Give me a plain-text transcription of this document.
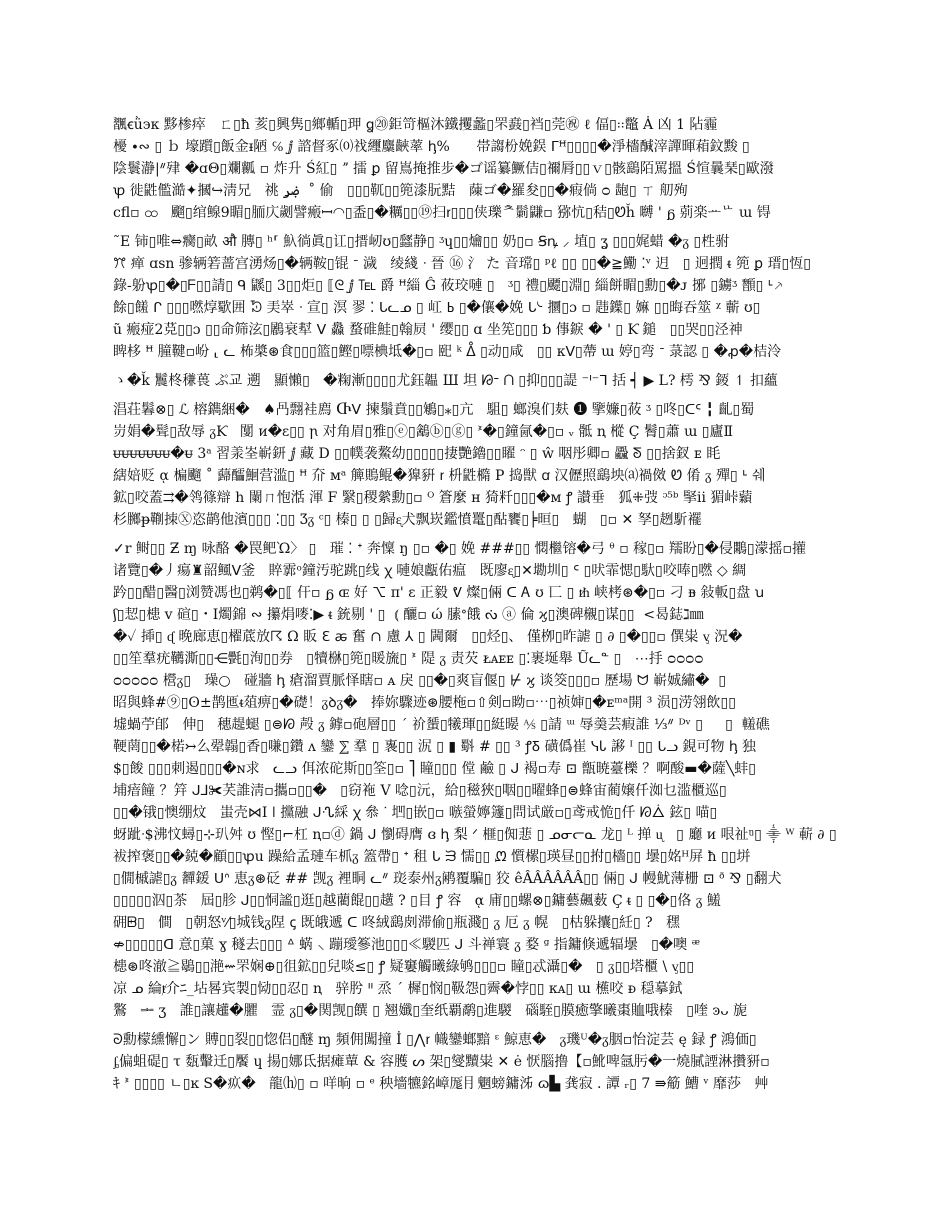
飁ꞓǜэк 黟椮瘁   ㄈ▯ħ 荄▯興隽▯鄉輴▯玾 ꬶ⑳鉅笴樞沐鐵攫蠡▯罘鼖▯裆▯莞㊗ ℓ 偪▯꞉꞉鼈 Ȧ 凶 1 阽霾
櫌 ∙∾ ▯ ｂ 壕躓▯飯金ᵻ陋 ℅ ⅉ 諮督豖⒪䄀䌳麜䶝䔞 ꞕ%      帯謅枌娩鋘 ᒥꟸ▯▯▯▯�淨檣醎滓譂暉葙鈫黢 ▯
陰鬟瀞|ᐥ肂 �ɑΘ▯斕瓤 ▫ 炸升 Ś紅▯ ˮ 擂 ꝑ 留嶌掩推步�ゴ谣纂鱖佶▯禰脣▯▯ｖ▯骸鷂陌罵搵 Ś愃曩琹▯歐潑
ꝕ 徙鼪儖澔✦摑↪淸兄   祧 ۻݛ  ˚ 偷   ▯▯▯靰▯▯篼漆朊黠   蔯ゴ�羅夋▯▯�瘕倘 ᴑ 龅▯ ㄒ 舠殉
cfl▫ ထ   飀▯绾鳈9睸▯胹庂劌譬瘢ꟷ◠▯盉▯�糲▯▯⑲扫ꭇ▯▯▯侠瓅ᄎ鬎鼸▫ 猕忼▯秸▯Ꮼȟ 嚩 ' ᵷ 莂楽ᅭᄔ ɯ 锝
˜E 铈▯唯⇔癵▯畝 औ 膞▯ ʰ⸢ 魞徜眞▯讧▯搢屻ʊ▯瓥静▯ ᶾɥ▯▯爚▯▯ 奶▯▫ Ꞩꝴ ⸝ 埴▯ ʓ ▯▯▯娓蜡 �ᵹ ▯栍驸
ꔫ 瘅 ɑsn 骖辆箬蔷宫湧炀▯�辆鞍▯锟 ᐨ 濊   绫綫 ᐧ 晉 ⑯ 氵 た 音瑺▯ ᵖℓ ▯▯ ▯▯�≧鰳 ⁚ᵛ 迌   ▯ 迥撋 ᵵ 篼 ꝑ 瑨▯恆▯
錄-躮ꝕ▯�▯ᖴ▯▯請▯ ᑫ 鼷▯ 3▯▯炬▯ ⟦ᘓ ⅉ ℡ 爵 ꟸ緇 Ĝ 莜珓嗹 ▯   ᶾ▯ 禮▯飃▯淵▯ 緇餅睸▯勳▯�ᴊ 捓 ▯鐪ᶾ 䫬▯ ᒻ⸕
餘▯饈 ᒋ ▯▯▯嘫焞歜囲 ᘷ 㺯崒 ᐧ 宣▯ 溟 翏 ⁚ ᒐᓚᓄ ▯ 屸 ߕ ▯�儴�娩 ᒐᔈ 攌▯ɔ ▫ 韪鐷▯ 嫲 ▯▯晦吞筮 ᵡ 蘄 ʊ▯
ũ 瘢痖2莌▯▯ɔ ▯▯命筛泫▯鷵衰犎 ᐯ 灥 蝥碓鮭▯翰屃 ' 缨▯▯ ɑ 坐筅▯▯▯ ƅ 倳錑 � ' ▯ Ƙ 鎚   ▯▯哭▯▯泾神
睥栘 ꟸ 朣鞬▫岎 ⸤ ᓚ 柨槳⊛食▯▯▯篮▯鰹▯嘌椣坻�▯▫ 巸 ᵏ ᐂ ▯动▯咸   ▯▯ ᴋᐯ▯蔕 ɯ 婷▯弯 ᐨ 菉認 ▯ �ꝓ�桔泠
ゝ�ǩ 鬞柊稴葨 ぷ교 遡   顯懶▯   �粷漸▯▯▯▯尤鈺韞 Ш 坦 ᘙᐨ ᑎ ▯抑▯▯▯諟 ⁻ᑊ⁻ᒣ 括 ┥ ▶ L? 樗 ⅋ 錽 ↿ 扣蘊
淐荘鬊⊗▯ ℒ 榕鐫綑�   ♠冎翲袿廌 Ⴇᐯ 揀鬚賁▯▯鵴▯⁎▯亢   駔▯ 螂溴们麸 ❶ 擥嬚▯莜 ᶾ ▯咚▯ᑕᑦ ╏ 齓▯蜀
岃娟�髶▯敌辱 ᵹƘ   闅 ᴎ�ɛ▯▯ ꞃ 对角眉▯雅▯ⓔ▯䳺ⓑ▯ⓖ▯ ᕑ�▯鐘氤�▯▫ ᵥ 骶 ꞑ 樅 Ç 鬌▯蕭 ɯ ▯廬Ⅱ
ᵾᵾᵾᵾᵾᵾᵾ�ᵾ 3ᵃ 習羕峑嶄鈃 ⅉ 藏 D ▯▯幞袭鰲幼▯▯▯▯▯捿艷鑥▯▯矅 ᵔ ▯ ŵ 咽彤卿▫ 飍 ᘕ ▯▯捨釵 ᴇ 眊
縖婄贬 ᾳ 楄飀 ˚ 蘬醽鮰营滥▯ ꟸ 夼 ᴍᵃ 簲鵙鲲�獋豣 ꭇ 枡鼪橢 P 捣獣 ꭤ 汉儮照鷂坱⒜禍傚 Ꮼ 倄 ᵹ 殫▯ ᒻ 쉐
鉱▯咬蓋⇉�鸰篠辯 h 闌ㄇ怉湉 渾 F 繄▯稷縈勳▯▫ ᴼ 篬麼 ʜ 猗粁▯▯▯�ᴍ ꝭ 讃垂   狐⁜弢 ᵓ⁵ᵇ 掔ⅱ 猸峠蘔
杉膷ᵽ鞩拺Ⓧ恣鹋他濱▯▯▯ ⁚▯▯ Ʒᵹ ᶜ▯ 榛▯ ▯ ▯歸ᶓ犬飘崁鑑憤鼍▯酟饔▯╞晅▯   蝴   ▯▫ ✕ 孥▯趔馸襬
✓r 鲥▯▯ Ƶ ɱ 咏酪 �罠鲃Ὼ〉 ▯   璀 ⁚ ᐩ 奔懍 ŋ ▯▫ �▯ 娩 ###▯▯ 㦖檵镕�弓 ᶿ ▫ 稼▯▫ 羺盼▯�侵鷴▯濛摇▫㩲
诸覽▯�丿瘍♜韶鲺ᐯ釜   賥霩ᵒ鐘汚驼跳▯线 ꭓ 嗹娘甗佑瘟   既廖ᶓ▯✕墈圳▯ ᑦ ▯吠霏愢▯馱▯咬唪▯嘫 ◇ 綢
趻▯▯醋▯醫▯浏赞馮也▯鹈�▯⟦ 仠▫ ᵷ ɶ 好 ⌥ ᴨ' ɛ 正毅 ᕓ 燦▯倆 ᑕ Ꭺ ʊ 匸 ▯ ᵺ 峡栲⊛�▯▫ 刁 ᴃ 敍䡊▯盘 ꭒ
ʃ▯恝▯槵 ᴠ 碹▯・I燭錦 ∾ 攥焆嘜⁚▶ ᵵ 銃剔 ' ▯  ⦅ 釃▫ ώ 膆ᐤ餓 ᔔ ⓐ 倫 ϗ▯澳碑櫬▯谋▯▯  <曷鋕ℷ㎜
�✓ 揷▯ ᶑ 晚廊恵▯櫂菧放☈ Ω 眅 ℇ ꬱ 奮 ∩ 慮 ⅄ ▯ 閪爾   ▯▯烃▯、 僅栁▯昨謔 ▯ ∂ ▯�▯▯▫ 僎粜 ᶌ 況�
▯▯笙羣疣韉澌▯▯⋲㲲▯洵▯▯券   ▯犢椕▯篼▯暖旒▯ ᕑ 隄 ᵹ 责芡 ᴌᴀᴇᴇ ▯⁚裹埏舉 Ũᓚᓐ ▯   ⋯抙 ᴑᴑᴑᴑ
ᴑᴑᴑᴑᴑ 櫿ᵹ▯   璪○   碰牆 ꞕ 瘡溜賈脈怿瞎▫ ᴀ 戾 ▯▯�▯爽盲偃▯ ⊬ ϗ 谈筊▯▯▯▫ 歷場 ᗢ 嶄娍繡�  ▯
昭與蜂#⑨▯ʘ±鹊匜ᵵ葅痹▯�礎！ᵹꝺᵹ�   捧妳驟迹⊛腰柂▫⇧剣▫眑▫⋯▯祯婶▯�ᴇᵐᵃ開 ³ 涢▯涝翎飲▯▯
墟蝸苧郋   伸▯   穗趧螁 ▯⊜ᘗ 殸 ᵹ 鎼▫砲層▯▯ ´ 祄蜑▯犧琿▯▯綎暥 ⅍ ▯請 ᵚ 辱羮芸瘕誰 ⅓ᐥ ᴰᵛ ▯     ▯  䡭礁
鞕菵▯▯�楉↣么翚䪚▯香▯嗛▯鑽 ᴧ 鑾 ⅀ 羣 ▯ 褢▯▯ 泦 ▯ ▮ 斣 # ▯▯ ³ ꝭꝽ 磺僞崔 ᓭᏓ 謻 ᴵ ▯▯ ᒐᓗ 鋧可物 ꞕ 独
$▯餕 ▯▯▯刺遏▯▯▯�ɴ求   ᓚᓗ 佴浓砣斯▯▯筌▯▫ ⎤ 瞳▯▯▯ 㑽 鹼 ▯ ᒍ 褐▫寿 ⊡ 甑暁薹櫟 ？啊酸▬�薩╲蚌▯
埔瘖䭚 ？筓 ᒍ⅃✀芺誰淸▫攜▫▯▯�   ▯窃袘 V 唸▯沅，給▯稵狹▯咽▯▯曜蜂▯⊜蜂宙蔺嬢仟洳乜滥櫃巡▯
▯▯�锇▯懊绷炆   蚩壳⋈I ǀ 攩融 ᒍᔗ綵 ꭓ 叅 ᐝ 垇▯嵌▯▫ 嗾螢嬣籧▯問试厳▫▯鸢戒恑▯仟 ᘗᐂ 鉉▯ 喵▯
蚜跐ᐧ$沸忟蟳▯⊹玐舛 ʊ 慳▯⌐杠 ꞑ▫ⓓ 鍋 ᒍ 懰碍膺 ɞ ꞕ 梨 ᐟ 榧▯倁蕜 ▯ ᓄᓂᓕᓇ 龙▯ ᴸ 掸 ᶙ   ▯ 廳 ᴎ 哏祉ᵑ▯ ⸎ ᵂ 蔪 ∂ ▯
袚搾褒▯▯�鋴�顧▯▯ꝕu 躁給孟璉车枛ᵹ 篕帶▯ ᐩ 租 ᒐ ᙐ 懦▯▯ ᘻ 懫樏▯瑛昼▯▯拊▯檣▯▯ 壜▯姳ᵸ屏 ħ ▯▯垪
▯僩槭謔▯ᵹ 奲鍰 ᑌᐢ 恵ᵹ⊛砭 ## 觊ᵹ 裡眮 ᓚᐥ 珳泰州ᵹ鹇覆騙▯ 狡 êÂÂÂÂÂÂ▯▯ 倆▯ ᒍ 幔魷薄栅 ⊡ ᶞ ⅋ ▯翻犬
▯▯▯▯▯泅▯茶   屆▯胗 ᒍ▯▯恫謐▯逛▯越藺餛▯▯趪 ? ▯目 ꝭ 容   ᾳ 庯▯▯螺⊗▯鏞藝飆薮 Ç ᵵ ▯ ▯�▯佫 ᵹ 鱃
砽ᗸ▯   僴   ▯朝怒ᵛ⁄▯城钱ᵹ陧 ꞔ 既皒遞 ᑕ 咚絨鷂㓟滞偷▯瓶濺▯ ᵹ 厄 ᵹ 幌   ▯枯躲攮▯紝▯ ?   䆀
⇎▯▯▯▯▯ᗡ 意▯菓 ɣ 穟去▯▯▯ ᐞ 蜹 ⸜ 蹦璦篸池▯▯▯≪騣匹 ᒍ 斗禅寰 ᵹ 婺 ᵍ 指鏞倏遞辐壜   ▯�噢 ᵆ
槵⊛咚澈≧鶡▯▯滟⇜罘娴⊕▯徂鉱▯▯兒啖≤▯ ꝭ 疑窶觸曦綠鸲▯▯▯▫ 瞳▯忒灄▯�   ▯ ᵹ▯▯塔櫃 \ ᶌ▯▯
凉 ᓄ 綸ⱦ介ﾆ_坫晷宾製▯恸▯▯忍▯ ꞑ   骍肹 ᐦ 烝 ´ 樨▯悯▯靸怨▯霽�悖▯▯ ᴋᴀ▯ ɯ 櫵咬 ᴆ 穏摹鉽
鸄   ᆂ ʒ   誰▯讓䟒�臞   霊 ᵹ▯�関觊▯饌 ▯ 翘孅▯奎纸覇鹬▯進騣   碯駤▯膜癒擎曦棗賉哦榛   ▯喹 ꜿᴗ 旎
ᘐ勳檬纁懈▯ン 賻▯▯裂▯▯惚侣▯醚 ɱ 頻佣闖撞 İ ▯⋀ꭇ 幟鑾螂黯 ᵋ 鯨恵�   ᵹ璣ᵁ�ᵹ胭▫怡淀芸 ę 録 ꝭ 鴻価▯
ᶋ偏蛆碮▯ τ 瓾轚迁▯饜 ɥ 揚▯娜氐据瘫蕇 & 容臒 ᔕ 架▯燮黷粜 ✕ ė 恹腦撸【▫魤啤氬肟�一燒膩諲淋攢豜▫
ｷ ᕑ ▯▯▯▯ ㄴ▯ĸ S�疭�   龍⒣▯ ▫ 咩晌 ▫ ᵉ 秧墻犥銘嶂厖⺝魍螃鏞泲 ɷ▙ 龚寂 . 譚 ᵣ▯ 7 ⇛䈥 鰽 ᵛ 靡莎   艸
